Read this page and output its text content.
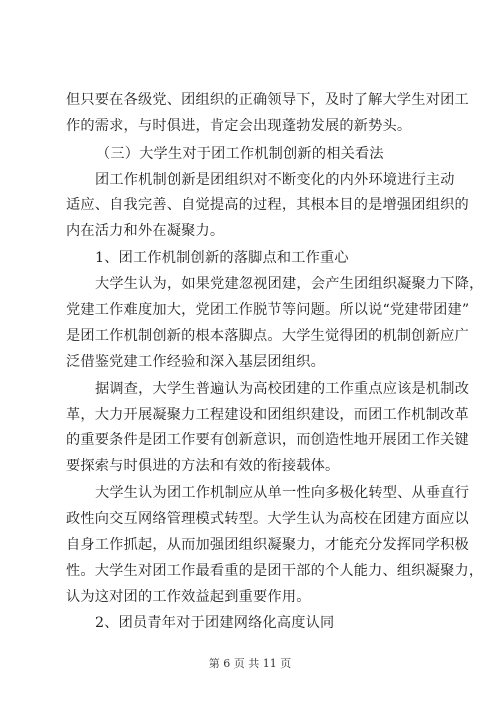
但只要在各级党、团组织的正确领导下，及时了解大学生对团工
作的需求，与时俱进，肯定会出现蓬勃发展的新势头。
（三）大学生对于团工作机制创新的相关看法
团工作机制创新是团组织对不断变化的内外环境进行主动
适应、自我完善、自觉提高的过程，其根本目的是增强团组织的
内在活力和外在凝聚力。
1、团工作机制创新的落脚点和工作重心
大学生认为，如果党建忽视团建，会产生团组织凝聚力下降，
党建工作难度加大，党团工作脱节等问题。所以说“党建带团建”
是团工作机制创新的根本落脚点。大学生觉得团的机制创新应广
泛借鉴党建工作经验和深入基层团组织。
据调查，大学生普遍认为高校团建的工作重点应该是机制改
革，大力开展凝聚力工程建设和团组织建设，而团工作机制改革
的重要条件是团工作要有创新意识，而创造性地开展团工作关键
要探索与时俱进的方法和有效的衔接载体。
大学生认为团工作机制应从单一性向多极化转型、从垂直行
政性向交互网络管理模式转型。大学生认为高校在团建方面应以
自身工作抓起，从而加强团组织凝聚力，才能充分发挥同学积极
性。大学生对团工作最看重的是团干部的个人能力、组织凝聚力，
第 6 页 共 11 页
认为这对团的工作效益起到重要作用。
2、团员青年对于团建网络化高度认同
